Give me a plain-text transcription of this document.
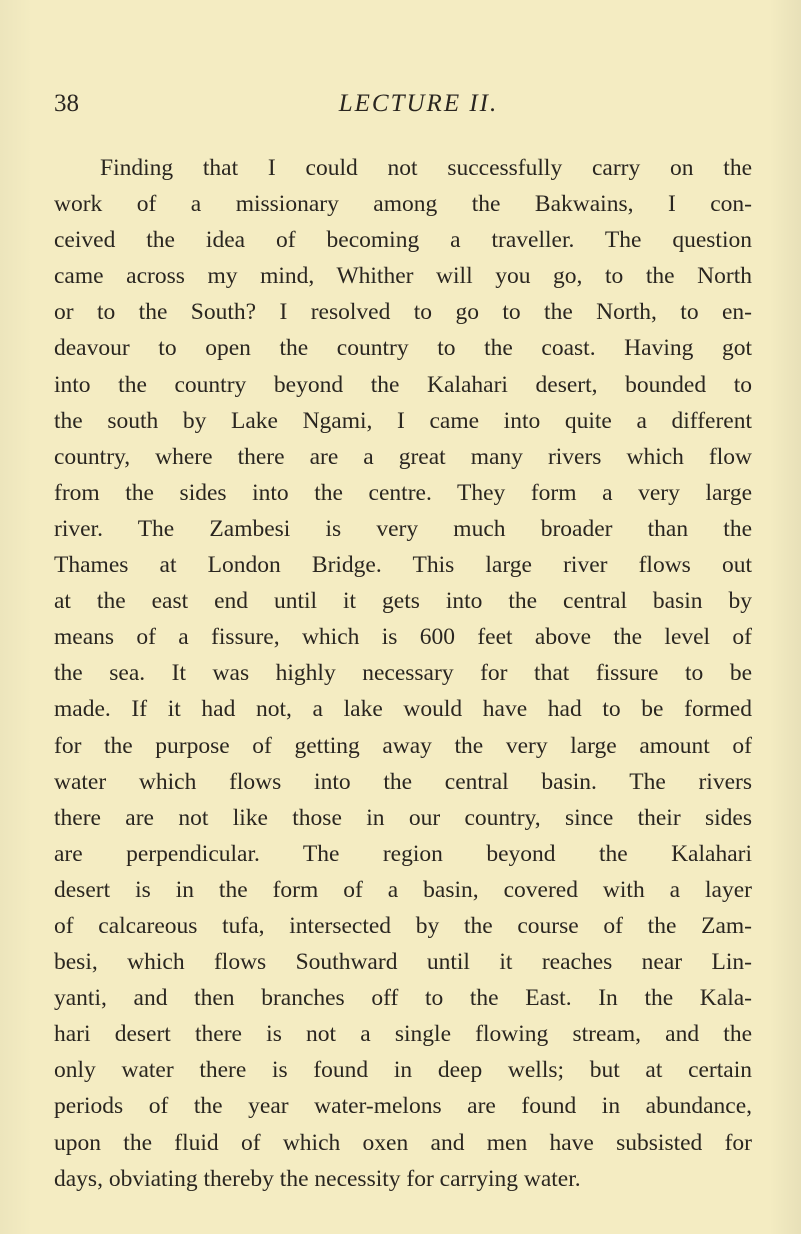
38	LECTURE II.
Finding that I could not successfully carry on the
work of a missionary among the Bakwains, I con-
ceived the idea of becoming a traveller. The question
came across my mind, Whither will you go, to the North
or to the South? I resolved to go to the North, to en-
deavour to open the country to the coast. Having got
into the country beyond the Kalahari desert, bounded to
the south by Lake Ngami, I came into quite a different
country, where there are a great many rivers which flow
from the sides into the centre. They form a very large
river. The Zambesi is very much broader than the
Thames at London Bridge. This large river flows out
at the east end until it gets into the central basin by
means of a fissure, which is 600 feet above the level of
the sea. It was highly necessary for that fissure to be
made. If it had not, a lake would have had to be formed
for the purpose of getting away the very large amount of
water which flows into the central basin. The rivers
there are not like those in our country, since their sides
are perpendicular. The region beyond the Kalahari
desert is in the form of a basin, covered with a layer
of calcareous tufa, intersected by the course of the Zam-
besi, which flows Southward until it reaches near Lin-
yanti, and then branches off to the East. In the Kala-
hari desert there is not a single flowing stream, and the
only water there is found in deep wells; but at certain
periods of the year water-melons are found in abundance,
upon the fluid of which oxen and men have subsisted for
days, obviating thereby the necessity for carrying water.
